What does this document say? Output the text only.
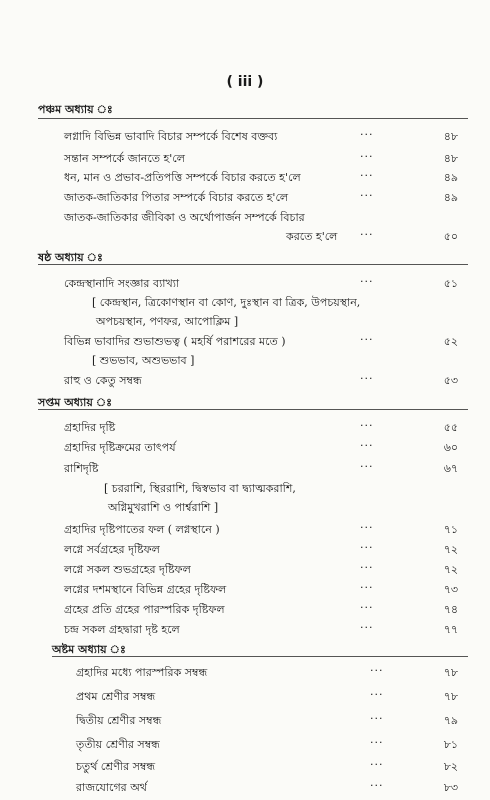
( iii )
পঞ্চম অধ্যায় ঃ
লগ্নাদি বিভিন্ন ভাবাদি বিচার সম্পর্কে বিশেষ বক্তব্য	···	৪৮
সন্তান সম্পর্কে জানতে হ'লে	···	৪৮
ধন, মান ও প্রভাব-প্রতিপত্তি সম্পর্কে বিচার করতে হ'লে	···	৪৯
জাতক-জাতিকার পিতার সম্পর্কে বিচার করতে হ'লে	···	৪৯
জাতক-জাতিকার জীবিকা ও অর্থোপার্জন সম্পর্কে বিচার
করতে হ'লে ···	৫০
ষষ্ঠ অধ্যায় ঃ
কেন্দ্রস্থানাদি সংজ্ঞার ব্যাখ্যা	···	৫১
[ কেন্দ্রস্থান, ত্রিকোণস্থান বা কোণ, দুঃস্থান বা ত্রিক, উপচয়স্থান,
অপচয়স্থান, পণফর, আপোক্লিম ]
বিভিন্ন ভাবাদির শুভাশুভত্ব ( মহর্ষি পরাশরের মতে )	···	৫২
[ শুভভাব, অশুভভাব ]
রাহু ও কেতু সম্বন্ধ	···	৫৩
সপ্তম অধ্যায় ঃ
গ্রহাদির দৃষ্টি	···	৫৫
গ্রহাদির দৃষ্টিক্রমের তাৎপর্য	···	৬০
রাশিদৃষ্টি	···	৬৭
[ চররাশি, স্থিররাশি, দ্বিস্বভাব বা দ্ব্যাত্মকরাশি,
অগ্নিমুখরাশি ও পার্শ্বরাশি ]
গ্রহাদির দৃষ্টিপাতের ফল ( লগ্নস্থানে )	···	৭১
লগ্নে সর্বগ্রহের দৃষ্টিফল	···	৭২
লগ্নে সকল শুভগ্রহের দৃষ্টিফল	···	৭২
লগ্নের দশমস্থানে বিভিন্ন গ্রহের দৃষ্টিফল	···	৭৩
গ্রহের প্রতি গ্রহের পারস্পরিক দৃষ্টিফল	···	৭৪
চন্দ্র সকল গ্রহদ্বারা দৃষ্ট হলে	···	৭৭
অষ্টম অধ্যায় ঃ
গ্রহাদির মধ্যে পারস্পরিক সম্বন্ধ	···	৭৮
প্রথম শ্রেণীর সম্বন্ধ	···	৭৮
দ্বিতীয় শ্রেণীর সম্বন্ধ	···	৭৯
তৃতীয় শ্রেণীর সম্বন্ধ	···	৮১
চতুর্থ শ্রেণীর সম্বন্ধ	···	৮২
রাজযোগের অর্থ	···	৮৩
